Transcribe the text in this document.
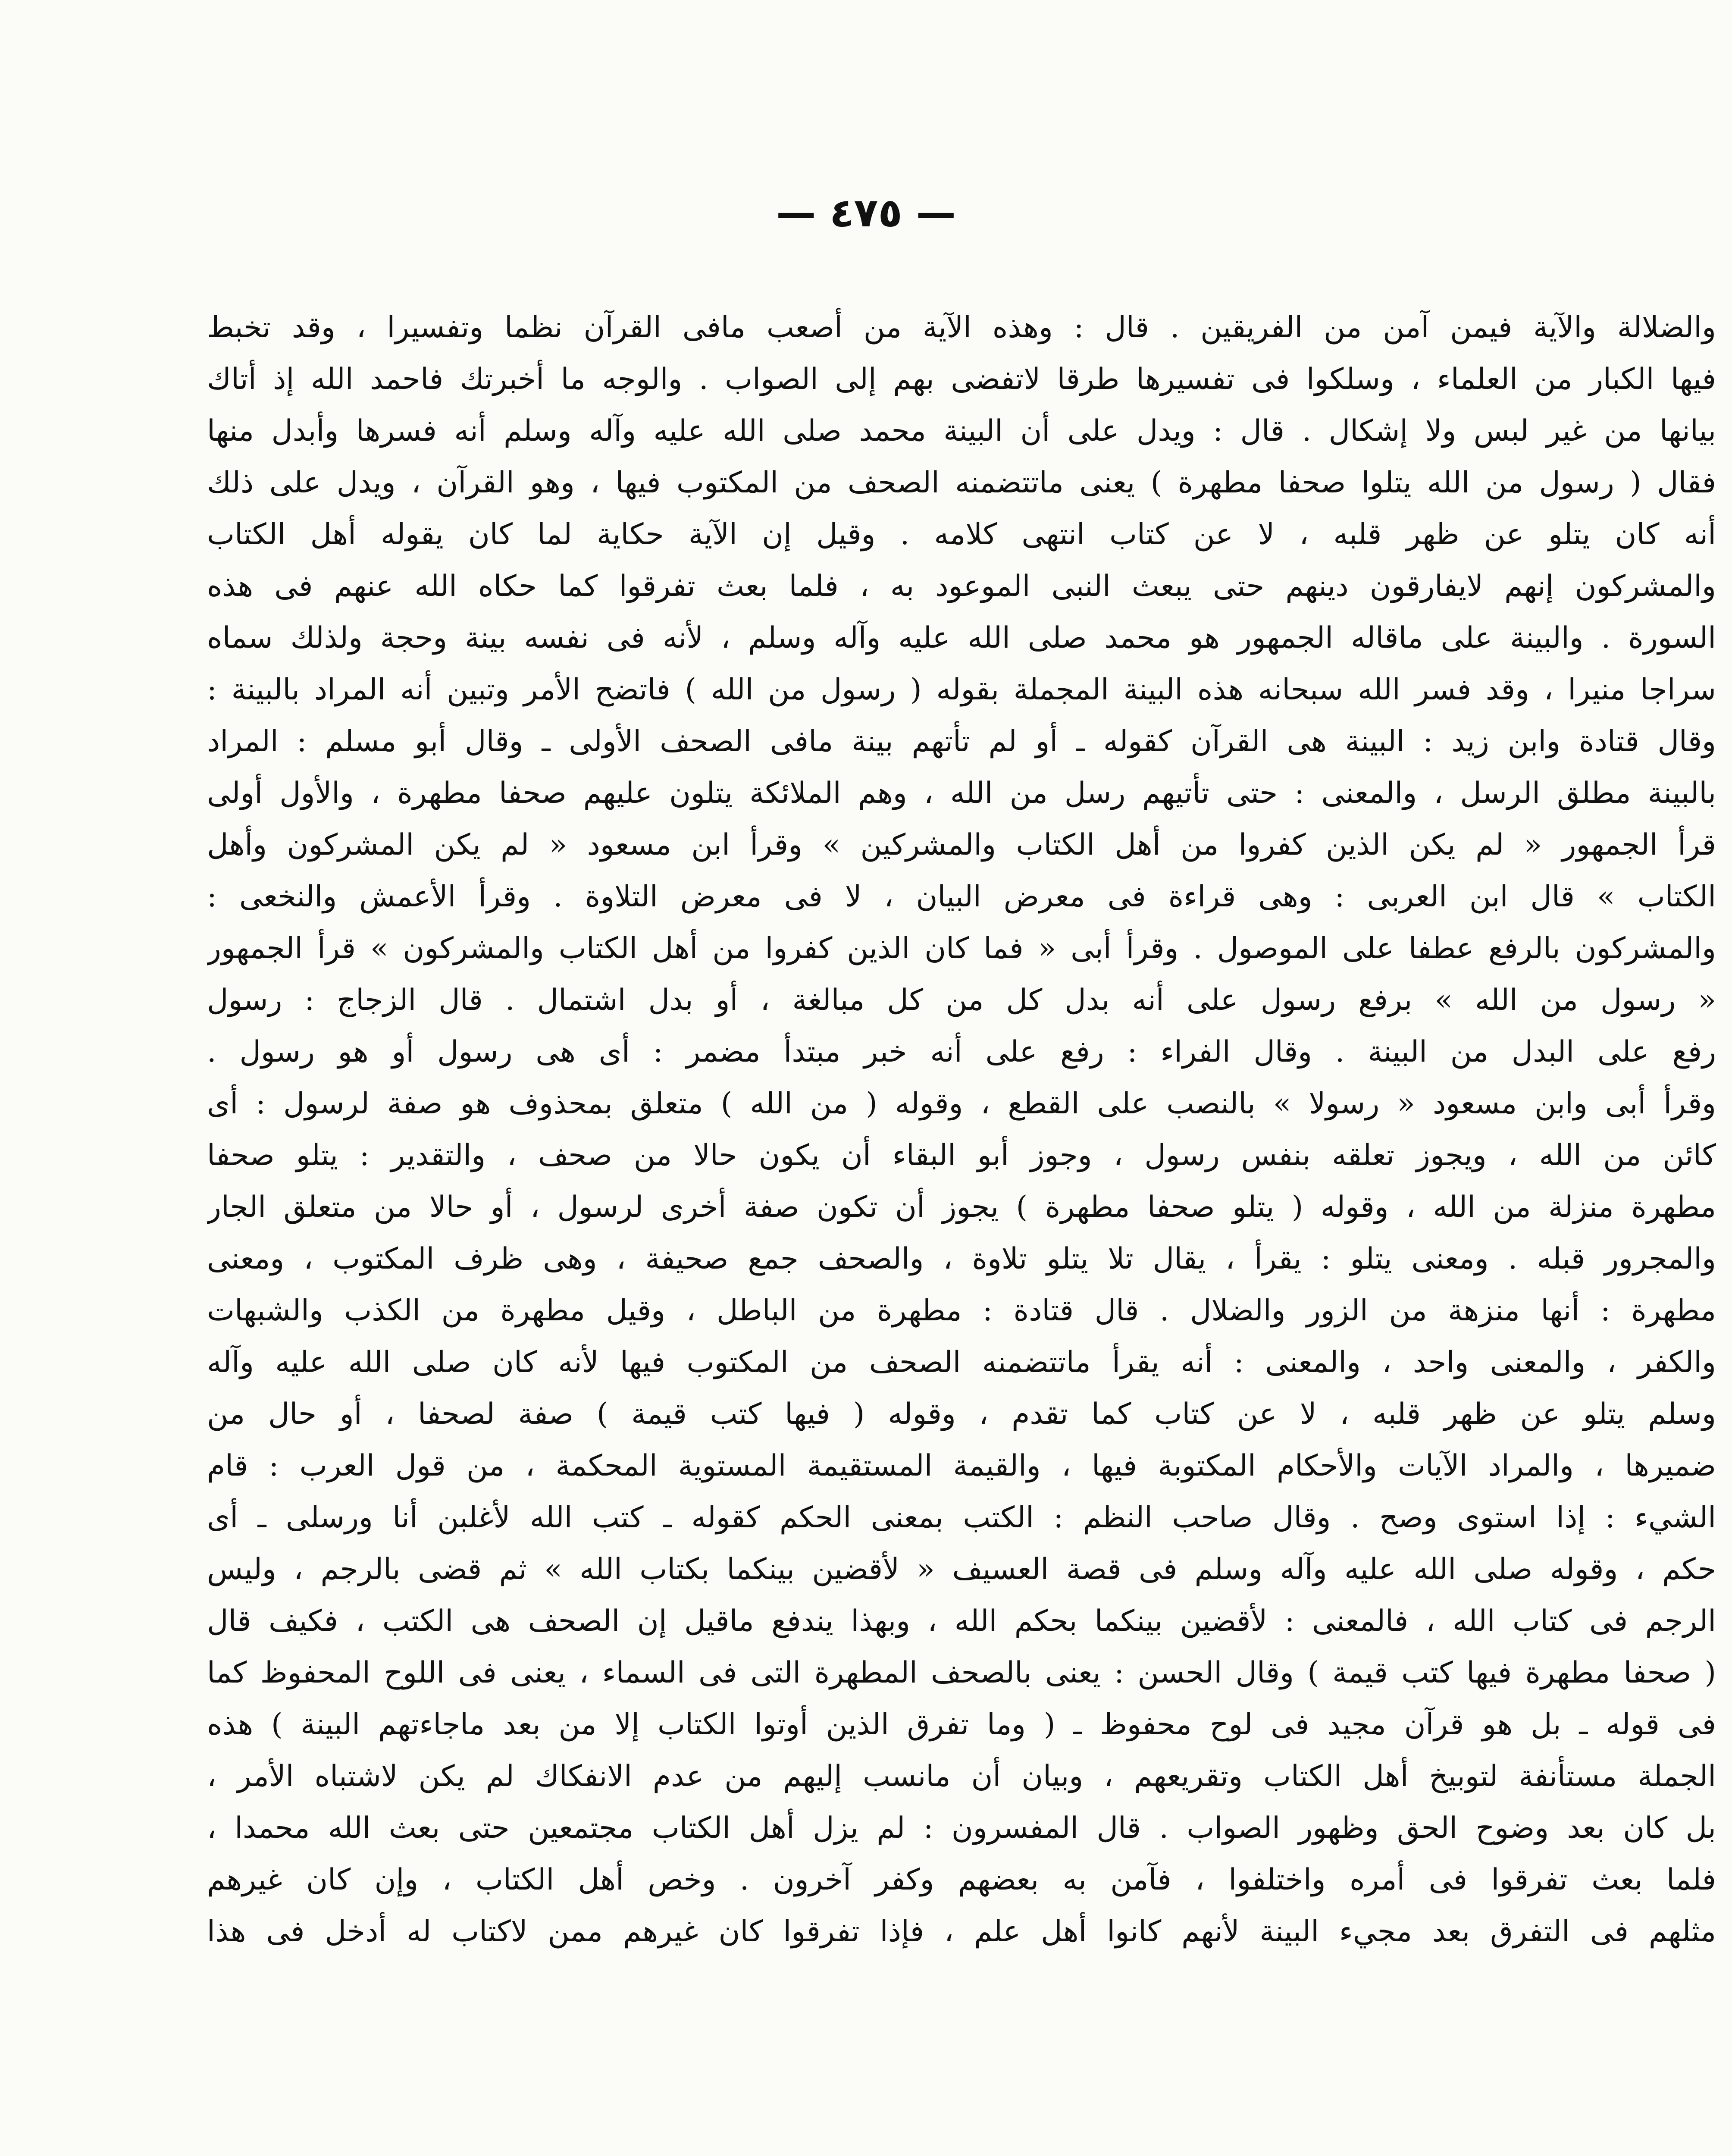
— ٤٧٥ —
والضلالة والآية فيمن آمن من الفريقين . قال : وهذه الآية من أصعب مافى القرآن نظما وتفسيرا ، وقد تخبط
فيها الكبار من العلماء ، وسلكوا فى تفسيرها طرقا لاتفضى بهم إلى الصواب . والوجه ما أخبرتك فاحمد الله إذ أتاك
بيانها من غير لبس ولا إشكال . قال : ويدل على أن البينة محمد صلى الله عليه وآله وسلم أنه فسرها وأبدل منها
فقال ( رسول من الله يتلوا صحفا مطهرة ) يعنى ماتتضمنه الصحف من المكتوب فيها ، وهو القرآن ، ويدل على ذلك
أنه كان يتلو عن ظهر قلبه ، لا عن كتاب انتهى كلامه . وقيل إن الآية حكاية لما كان يقوله أهل الكتاب
والمشركون إنهم لايفارقون دينهم حتى يبعث النبى الموعود به ، فلما بعث تفرقوا كما حكاه الله عنهم فى هذه
السورة . والبينة على ماقاله الجمهور هو محمد صلى الله عليه وآله وسلم ، لأنه فى نفسه بينة وحجة ولذلك سماه
سراجا منيرا ، وقد فسر الله سبحانه هذه البينة المجملة بقوله ( رسول من الله ) فاتضح الأمر وتبين أنه المراد بالبينة :
وقال قتادة وابن زيد : البينة هى القرآن كقوله ـ أو لم تأتهم بينة مافى الصحف الأولى ـ وقال أبو مسلم : المراد
بالبينة مطلق الرسل ، والمعنى : حتى تأتيهم رسل من الله ، وهم الملائكة يتلون عليهم صحفا مطهرة ، والأول أولى
قرأ الجمهور « لم يكن الذين كفروا من أهل الكتاب والمشركين » وقرأ ابن مسعود « لم يكن المشركون وأهل
الكتاب » قال ابن العربى : وهى قراءة فى معرض البيان ، لا فى معرض التلاوة . وقرأ الأعمش والنخعى :
والمشركون بالرفع عطفا على الموصول . وقرأ أبى « فما كان الذين كفروا من أهل الكتاب والمشركون » قرأ الجمهور
« رسول من الله » برفع رسول على أنه بدل كل من كل مبالغة ، أو بدل اشتمال . قال الزجاج : رسول
رفع على البدل من البينة . وقال الفراء : رفع على أنه خبر مبتدأ مضمر : أى هى رسول أو هو رسول .
وقرأ أبى وابن مسعود « رسولا » بالنصب على القطع ، وقوله ( من الله ) متعلق بمحذوف هو صفة لرسول : أى
كائن من الله ، ويجوز تعلقه بنفس رسول ، وجوز أبو البقاء أن يكون حالا من صحف ، والتقدير : يتلو صحفا
مطهرة منزلة من الله ، وقوله ( يتلو صحفا مطهرة ) يجوز أن تكون صفة أخرى لرسول ، أو حالا من متعلق الجار
والمجرور قبله . ومعنى يتلو : يقرأ ، يقال تلا يتلو تلاوة ، والصحف جمع صحيفة ، وهى ظرف المكتوب ، ومعنى
مطهرة : أنها منزهة من الزور والضلال . قال قتادة : مطهرة من الباطل ، وقيل مطهرة من الكذب والشبهات
والكفر ، والمعنى واحد ، والمعنى : أنه يقرأ ماتتضمنه الصحف من المكتوب فيها لأنه كان صلى الله عليه وآله
وسلم يتلو عن ظهر قلبه ، لا عن كتاب كما تقدم ، وقوله ( فيها كتب قيمة ) صفة لصحفا ، أو حال من
ضميرها ، والمراد الآيات والأحكام المكتوبة فيها ، والقيمة المستقيمة المستوية المحكمة ، من قول العرب : قام
الشيء : إذا استوى وصح . وقال صاحب النظم : الكتب بمعنى الحكم كقوله ـ كتب الله لأغلبن أنا ورسلى ـ أى
حكم ، وقوله صلى الله عليه وآله وسلم فى قصة العسيف « لأقضين بينكما بكتاب الله » ثم قضى بالرجم ، وليس
الرجم فى كتاب الله ، فالمعنى : لأقضين بينكما بحكم الله ، وبهذا يندفع ماقيل إن الصحف هى الكتب ، فكيف قال
( صحفا مطهرة فيها كتب قيمة ) وقال الحسن : يعنى بالصحف المطهرة التى فى السماء ، يعنى فى اللوح المحفوظ كما
فى قوله ـ بل هو قرآن مجيد فى لوح محفوظ ـ ( وما تفرق الذين أوتوا الكتاب إلا من بعد ماجاءتهم البينة ) هذه
الجملة مستأنفة لتوبيخ أهل الكتاب وتقريعهم ، وبيان أن مانسب إليهم من عدم الانفكاك لم يكن لاشتباه الأمر ،
بل كان بعد وضوح الحق وظهور الصواب . قال المفسرون : لم يزل أهل الكتاب مجتمعين حتى بعث الله محمدا ،
فلما بعث تفرقوا فى أمره واختلفوا ، فآمن به بعضهم وكفر آخرون . وخص أهل الكتاب ، وإن كان غيرهم
مثلهم فى التفرق بعد مجيء البينة لأنهم كانوا أهل علم ، فإذا تفرقوا كان غيرهم ممن لاكتاب له أدخل فى هذا
